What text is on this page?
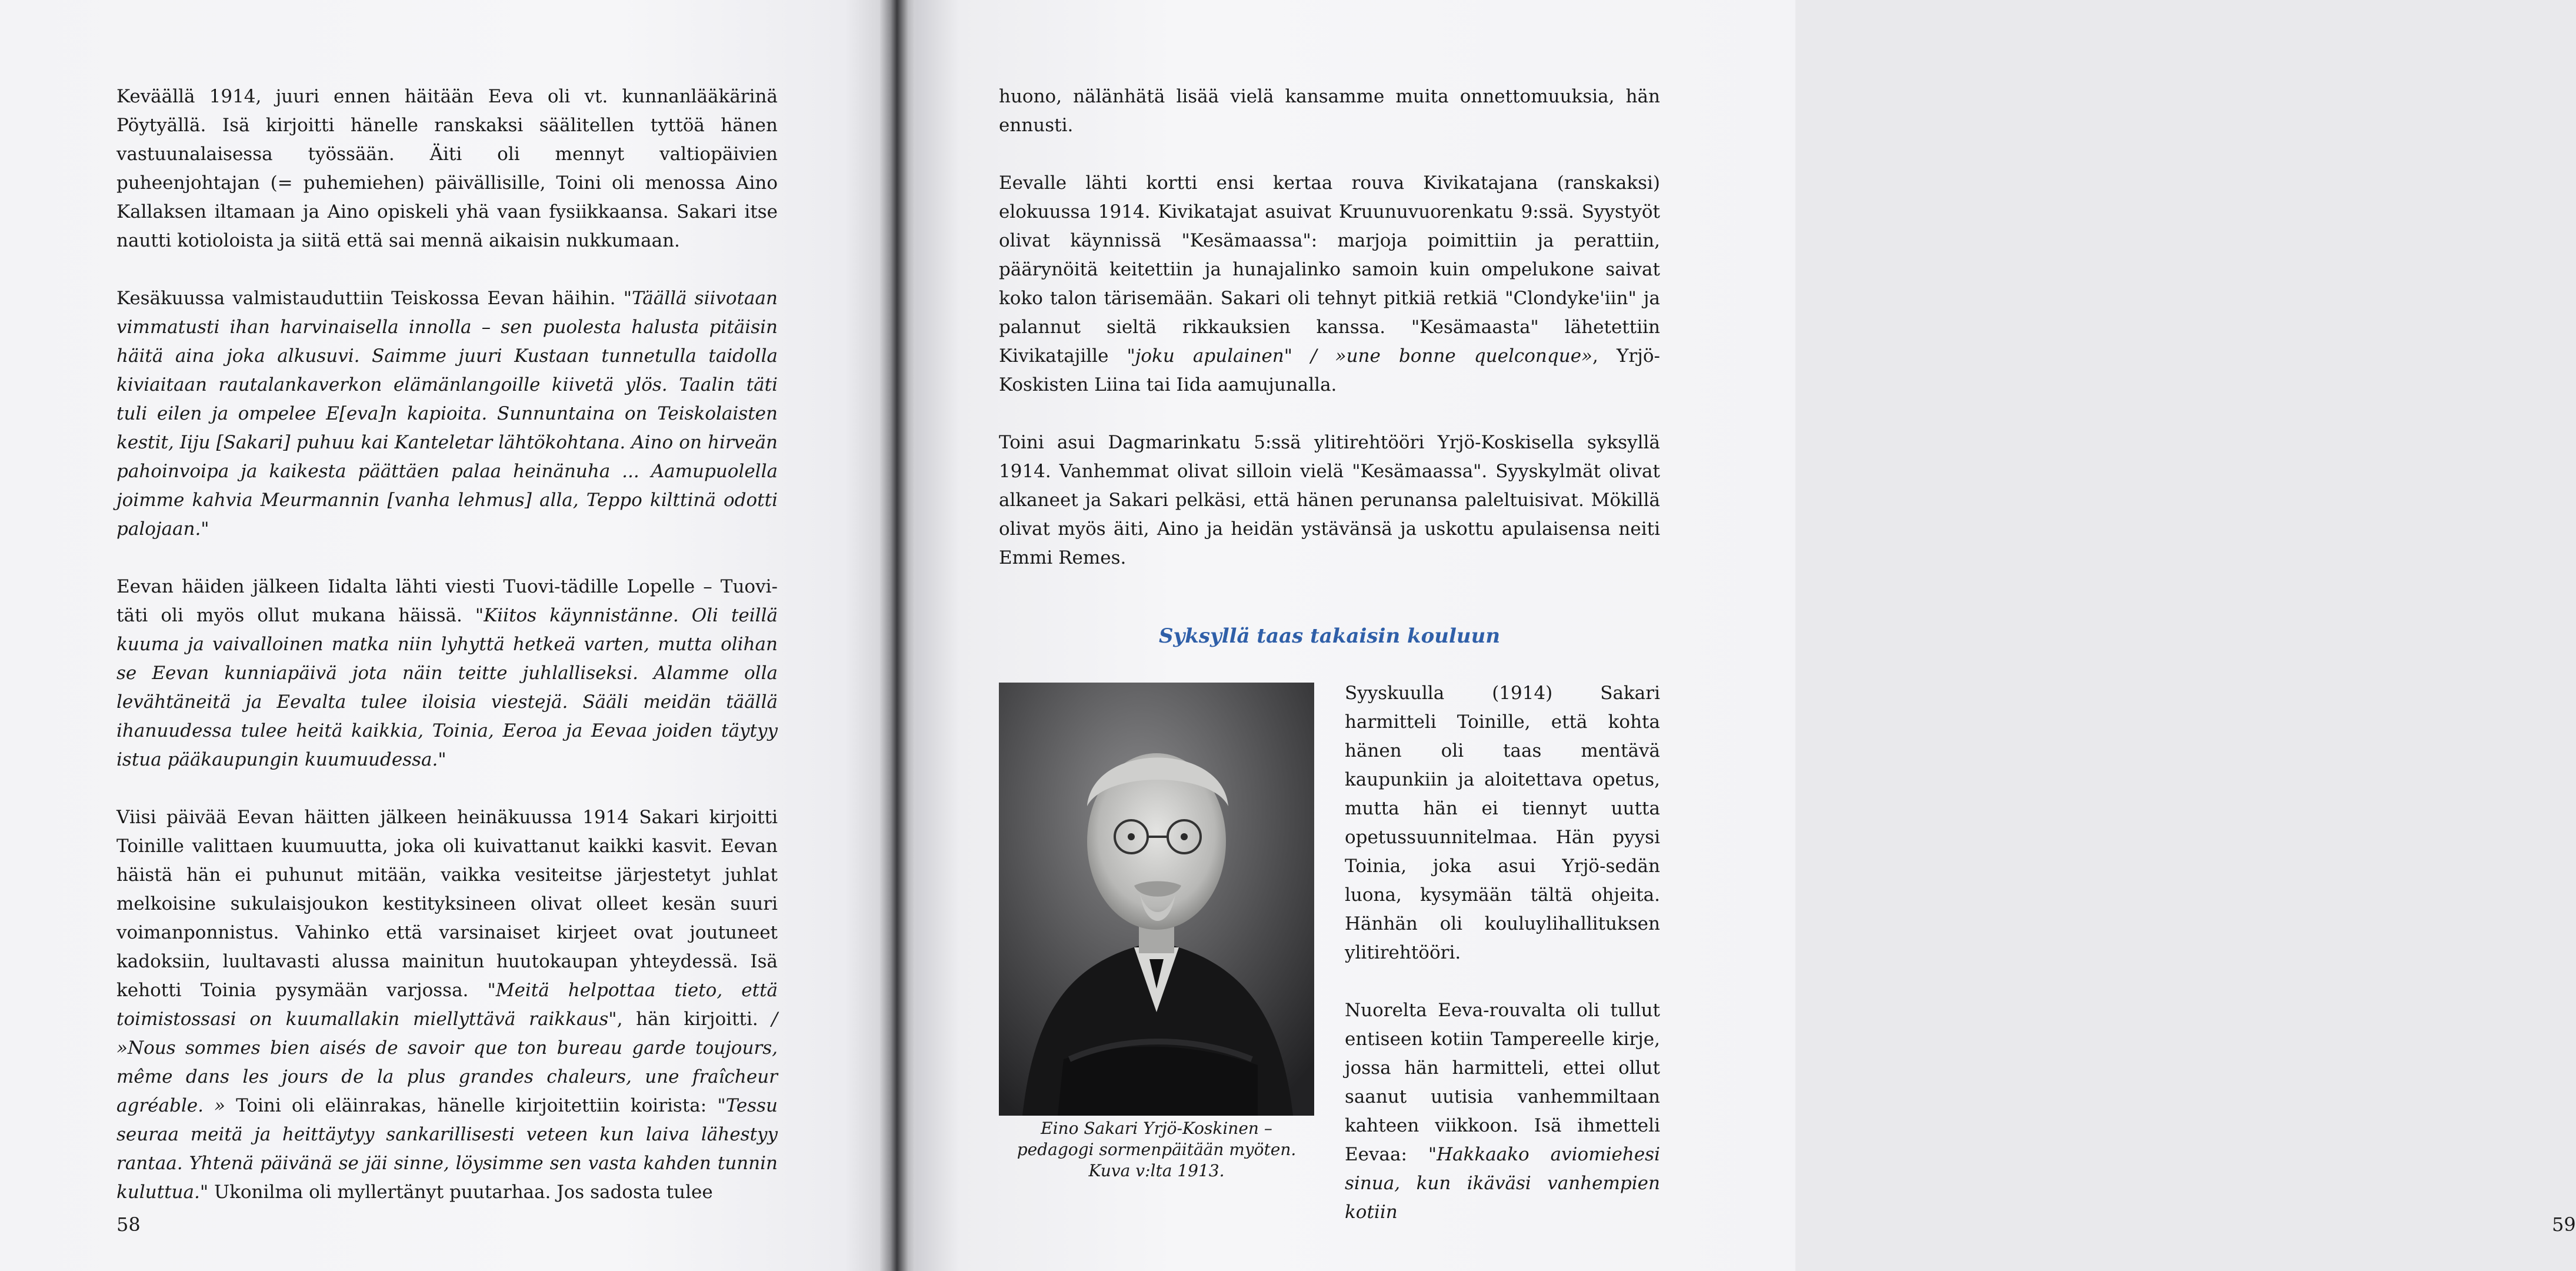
Keväällä 1914, juuri ennen häitään Eeva oli vt. kunnanlääkärinä Pöytyällä. Isä kirjoitti hänelle ranskaksi säälitellen tyttöä hänen vastuunalaisessa työssään. Äiti oli mennyt valtiopäivien puheenjohtajan (= puhemiehen) päivällisille, Toini oli menossa Aino Kallaksen iltamaan ja Aino opiskeli yhä vaan fysiikkaansa. Sakari itse nautti kotioloista ja siitä että sai mennä aikaisin nukkumaan.

Kesäkuussa valmistauduttiin Teiskossa Eevan häihin. "Täällä siivotaan vimmatusti ihan harvinaisella innolla – sen puolesta halusta pitäisin häitä aina joka alkusuvi. Saimme juuri Kustaan tunnetulla taidolla kiviaitaan rautalankaverkon elämänlangoille kiivetä ylös. Taalin täti tuli eilen ja ompelee E[eva]n kapioita. Sunnuntaina on Teiskolaisten kestit, Iiju [Sakari] puhuu kai Kanteletar lähtökohtana. Aino on hirveän pahoinvoipa ja kaikesta päättäen palaa heinänuha ... Aamupuolella joimme kahvia Meurmannin [vanha lehmus] alla, Teppo kilttinä odotti palojaan."

Eevan häiden jälkeen Iidalta lähti viesti Tuovi-tädille Lopelle – Tuovi-täti oli myös ollut mukana häissä. "Kiitos käynnistänne. Oli teillä kuuma ja vaivalloinen matka niin lyhyttä hetkeä varten, mutta olihan se Eevan kunniapäivä jota näin teitte juhlalliseksi. Alamme olla levähtäneitä ja Eevalta tulee iloisia viestejä. Sääli meidän täällä ihanuudessa tulee heitä kaikkia, Toinia, Eeroa ja Eevaa joiden täytyy istua pääkaupungin kuumuudessa."

Viisi päivää Eevan häitten jälkeen heinäkuussa 1914 Sakari kirjoitti Toinille valittaen kuumuutta, joka oli kuivattanut kaikki kasvit. Eevan häistä hän ei puhunut mitään, vaikka vesiteitse järjestetyt juhlat melkoisine sukulaisjoukon kestityksineen olivat olleet kesän suuri voimanponnistus. Vahinko että varsinaiset kirjeet ovat joutuneet kadoksiin, luultavasti alussa mainitun huutokaupan yhteydessä. Isä kehotti Toinia pysymään varjossa. "Meitä helpottaa tieto, että toimistossasi on kuumallakin miellyttävä raikkaus", hän kirjoitti. / »Nous sommes bien aisés de savoir que ton bureau garde toujours, même dans les jours de la plus grandes chaleurs, une fraîcheur agréable. » Toini oli eläinrakas, hänelle kirjoitettiin koirista: "Tessu seuraa meitä ja heittäytyy sankarillisesti veteen kun laiva lähestyy rantaa. Yhtenä päivänä se jäi sinne, löysimme sen vasta kahden tunnin kuluttua." Ukonilma oli myllertänyt puutarhaa. Jos sadosta tulee

58	59

huono, nälänhätä lisää vielä kansamme muita onnettomuuksia, hän ennusti.

Eevalle lähti kortti ensi kertaa rouva Kivikatajana (ranskaksi) elokuussa 1914. Kivikatajat asuivat Kruunuvuorenkatu 9:ssä. Syystyöt olivat käynnissä "Kesämaassa": marjoja poimittiin ja perattiin, päärynöitä keitettiin ja hunajalinko samoin kuin ompelukone saivat koko talon tärisemään. Sakari oli tehnyt pitkiä retkiä "Clondyke'iin" ja palannut sieltä rikkauksien kanssa. "Kesämaasta" lähetettiin Kivikatajille "joku apulainen" / »une bonne quelconque», Yrjö-Koskisten Liina tai Iida aamujunalla.

Toini asui Dagmarinkatu 5:ssä ylitirehtööri Yrjö-Koskisella syksyllä 1914. Vanhemmat olivat silloin vielä "Kesämaassa". Syyskylmät olivat alkaneet ja Sakari pelkäsi, että hänen perunansa paleltuisivat. Mökillä olivat myös äiti, Aino ja heidän ystävänsä ja uskottu apulaisensa neiti Emmi Remes.

Syksyllä taas takaisin kouluun
Eino Sakari Yrjö-Koskinen –
pedagogi sormenpäitään myöten.
Kuva v:lta 1913.

Syyskuulla (1914) Sakari harmitteli Toinille, että kohta hänen oli taas mentävä kaupunkiin ja aloitettava opetus, mutta hän ei tiennyt uutta opetussuunnitelmaa. Hän pyysi Toinia, joka asui Yrjö-sedän luona, kysymään tältä ohjeita. Hänhän oli kouluylihallituksen ylitirehtööri.

Nuorelta Eeva-rouvalta oli tullut entiseen kotiin Tampereelle kirje, jossa hän harmitteli, ettei ollut saanut uutisia vanhemmiltaan kahteen viikkoon. Isä ihmetteli Eevaa: "Hakkaako aviomiehesi sinua, kun ikäväsi vanhempien kotiin
